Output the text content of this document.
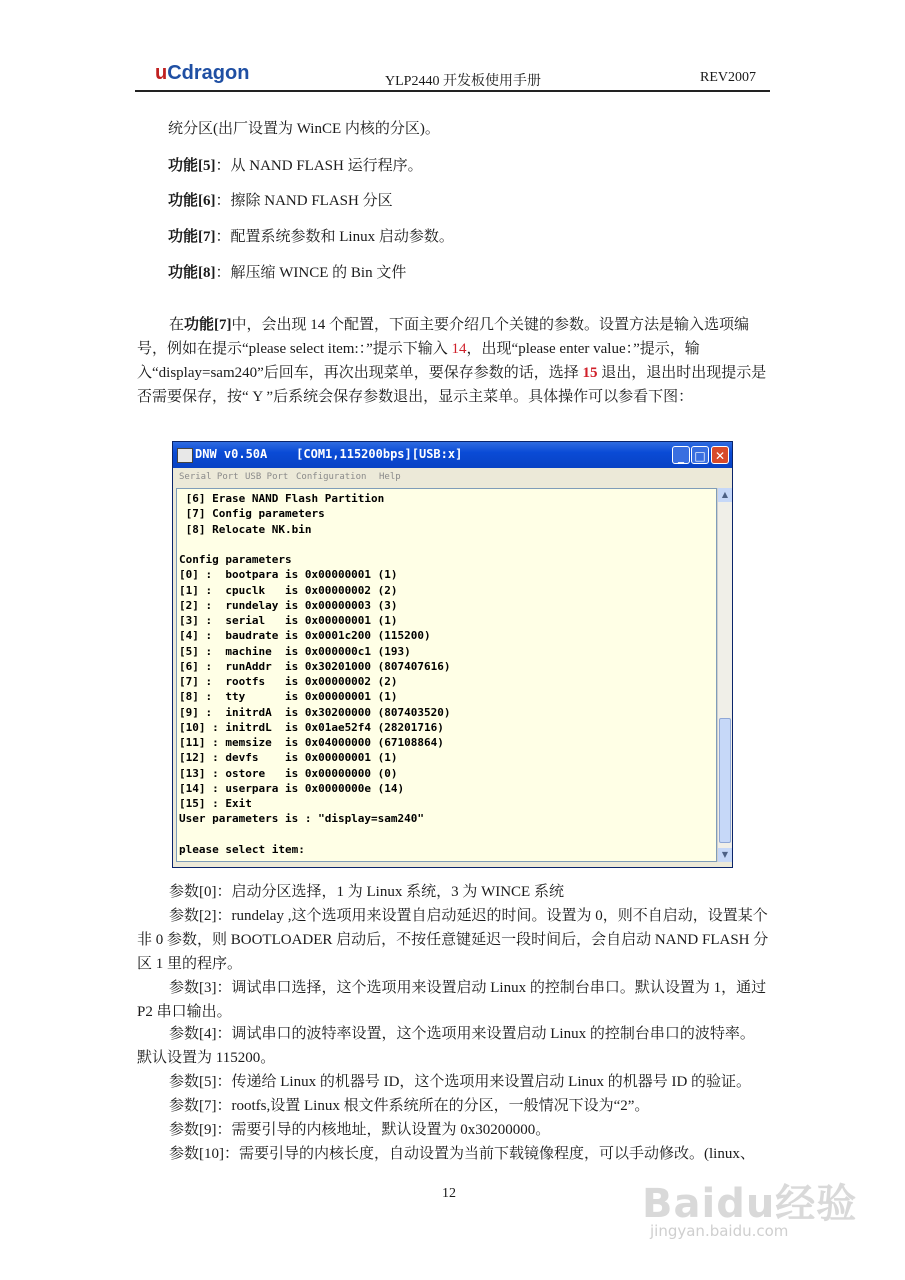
uCdragon	YLP2440 开发板使用手册	REV2007
统分区(出厂设置为 WinCE 内核的分区)。
功能[5]：从 NAND FLASH 运行程序。
功能[6]：擦除 NAND FLASH 分区
功能[7]：配置系统参数和 Linux 启动参数。
功能[8]：解压缩 WINCE 的 Bin 文件
在功能[7]中，会出现 14 个配置，下面主要介绍几个关键的参数。设置方法是输入选项编号，例如在提示“please select item:：”提示下输入 14，出现“please enter value：”提示，输入“display=sam240”后回车，再次出现菜单，要保存参数的话，选择 15 退出，退出时出现提示是否需要保存，按“ Y ”后系统会保存参数退出，显示主菜单。具体操作可以参看下图：
DNW v0.50A    [COM1,115200bps][USB:x]	_ □ ✕
Serial Port USB Port Configuration Help
[6] Erase NAND Flash Partition
[7] Config parameters
[8] Relocate NK.bin

Config parameters
[0] :  bootpara is 0x00000001 (1)
[1] :  cpuclk   is 0x00000002 (2)
[2] :  rundelay is 0x00000003 (3)
[3] :  serial   is 0x00000001 (1)
[4] :  baudrate is 0x0001c200 (115200)
[5] :  machine  is 0x000000c1 (193)
[6] :  runAddr  is 0x30201000 (807407616)
[7] :  rootfs   is 0x00000002 (2)
[8] :  tty      is 0x00000001 (1)
[9] :  initrdA  is 0x30200000 (807403520)
[10] : initrdL  is 0x01ae52f4 (28201716)
[11] : memsize  is 0x04000000 (67108864)
[12] : devfs    is 0x00000001 (1)
[13] : ostore   is 0x00000000 (0)
[14] : userpara is 0x0000000e (14)
[15] : Exit
User parameters is : "display=sam240"

please select item:
▲
▼
参数[0]：启动分区选择，1 为 Linux 系统，3 为 WINCE 系统
参数[2]：rundelay ,这个选项用来设置自启动延迟的时间。设置为 0，则不自启动，设置某个非 0 参数，则 BOOTLOADER 启动后，不按任意键延迟一段时间后，会自启动 NAND FLASH 分区 1 里的程序。
参数[3]：调试串口选择，这个选项用来设置启动 Linux 的控制台串口。默认设置为 1，通过 P2 串口输出。
参数[4]：调试串口的波特率设置，这个选项用来设置启动 Linux 的控制台串口的波特率。默认设置为 115200。
参数[5]：传递给 Linux 的机器号 ID，这个选项用来设置启动 Linux 的机器号 ID 的验证。
参数[7]：rootfs,设置 Linux 根文件系统所在的分区，一般情况下设为“2”。
参数[9]：需要引导的内核地址，默认设置为 0x30200000。
参数[10]：需要引导的内核长度，自动设置为当前下载镜像程度，可以手动修改。(linux、
12	Baidu经验
jingyan.baidu.com
